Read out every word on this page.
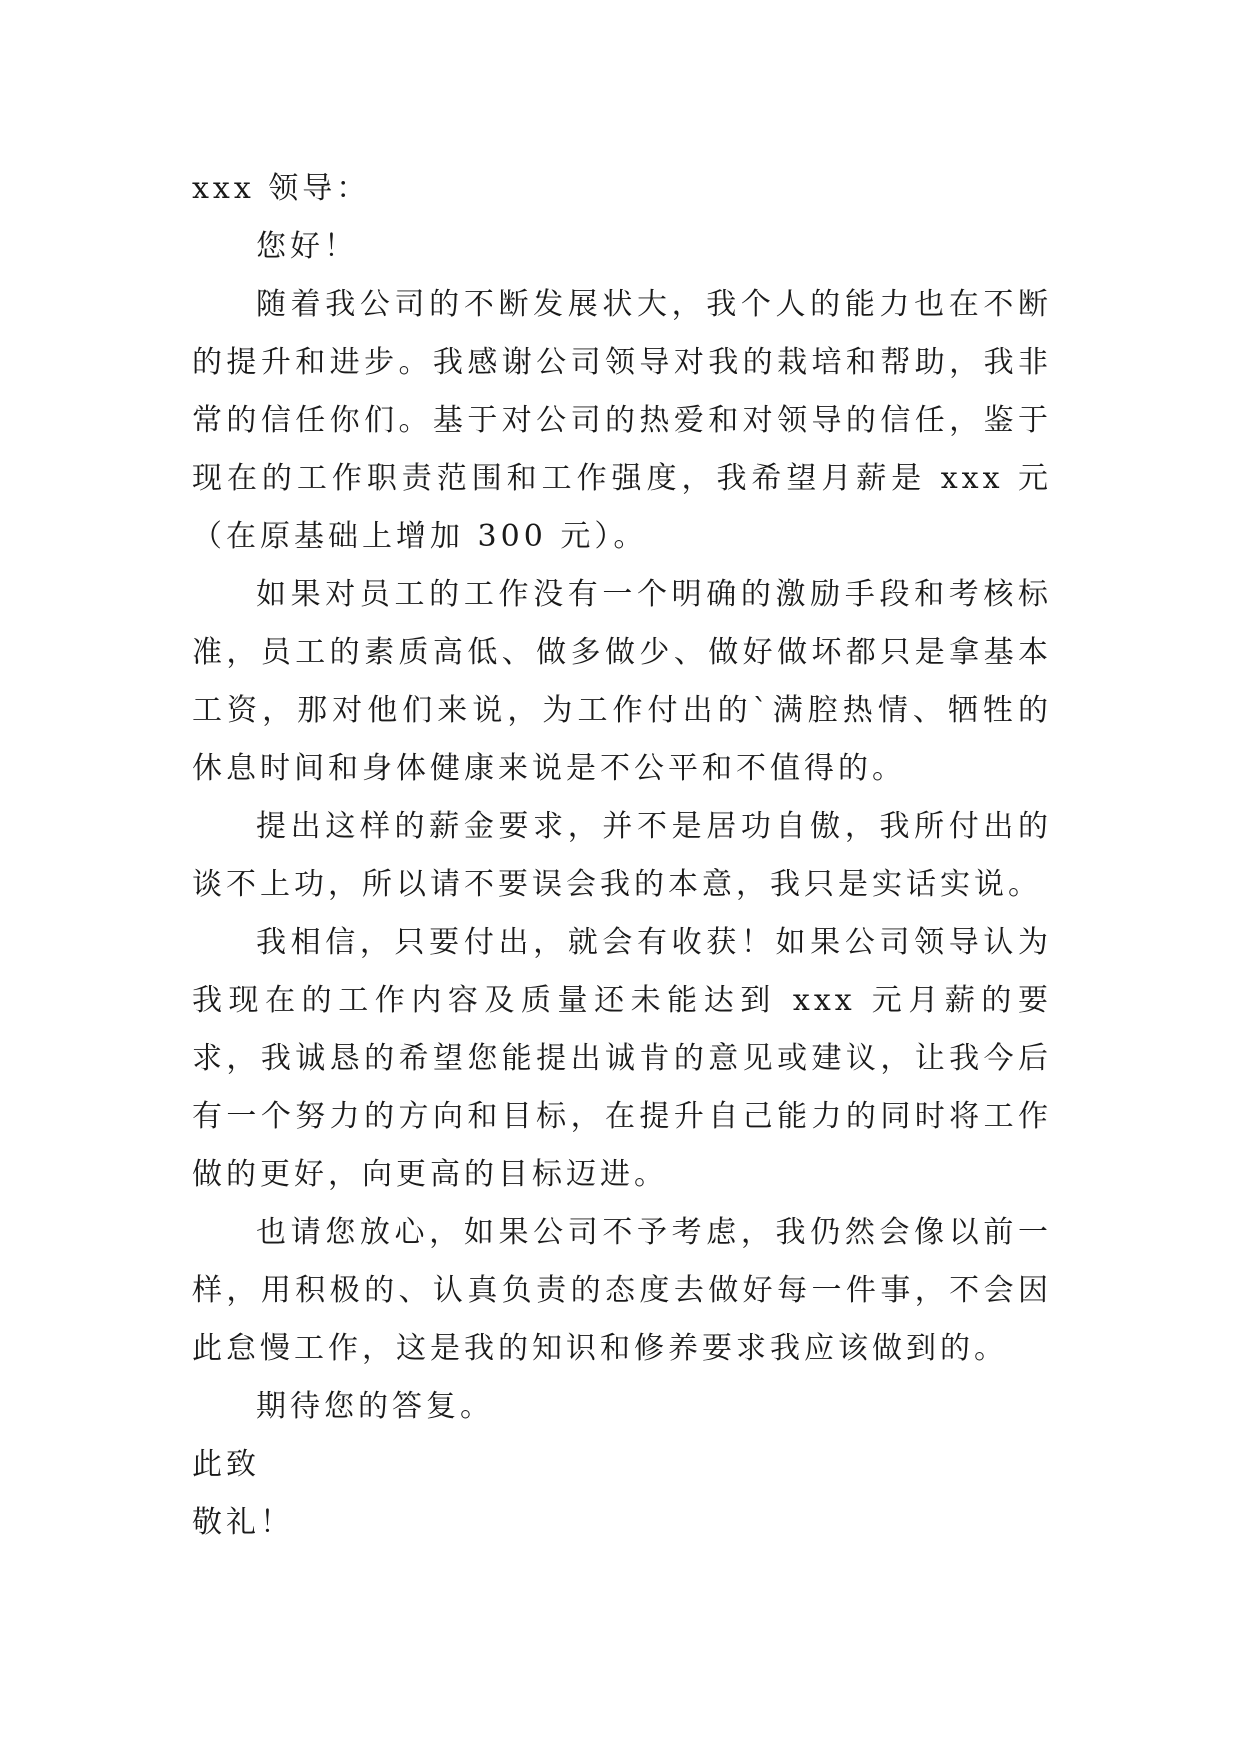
xxx 领导：

您好！

随着我公司的不断发展状大，我个人的能力也在不断的提升和进步。我感谢公司领导对我的栽培和帮助，我非常的信任你们。基于对公司的热爱和对领导的信任，鉴于现在的工作职责范围和工作强度，我希望月薪是 xxx 元（在原基础上增加 300 元）。

如果对员工的工作没有一个明确的激励手段和考核标准，员工的素质高低、做多做少、做好做坏都只是拿基本工资，那对他们来说，为工作付出的`满腔热情、牺牲的休息时间和身体健康来说是不公平和不值得的。

提出这样的薪金要求，并不是居功自傲，我所付出的谈不上功，所以请不要误会我的本意，我只是实话实说。

我相信，只要付出，就会有收获！如果公司领导认为我现在的工作内容及质量还未能达到 xxx 元月薪的要求，我诚恳的希望您能提出诚肯的意见或建议，让我今后有一个努力的方向和目标，在提升自己能力的同时将工作做的更好，向更高的目标迈进。

也请您放心，如果公司不予考虑，我仍然会像以前一样，用积极的、认真负责的态度去做好每一件事，不会因此怠慢工作，这是我的知识和修养要求我应该做到的。

期待您的答复。

此致

敬礼！
